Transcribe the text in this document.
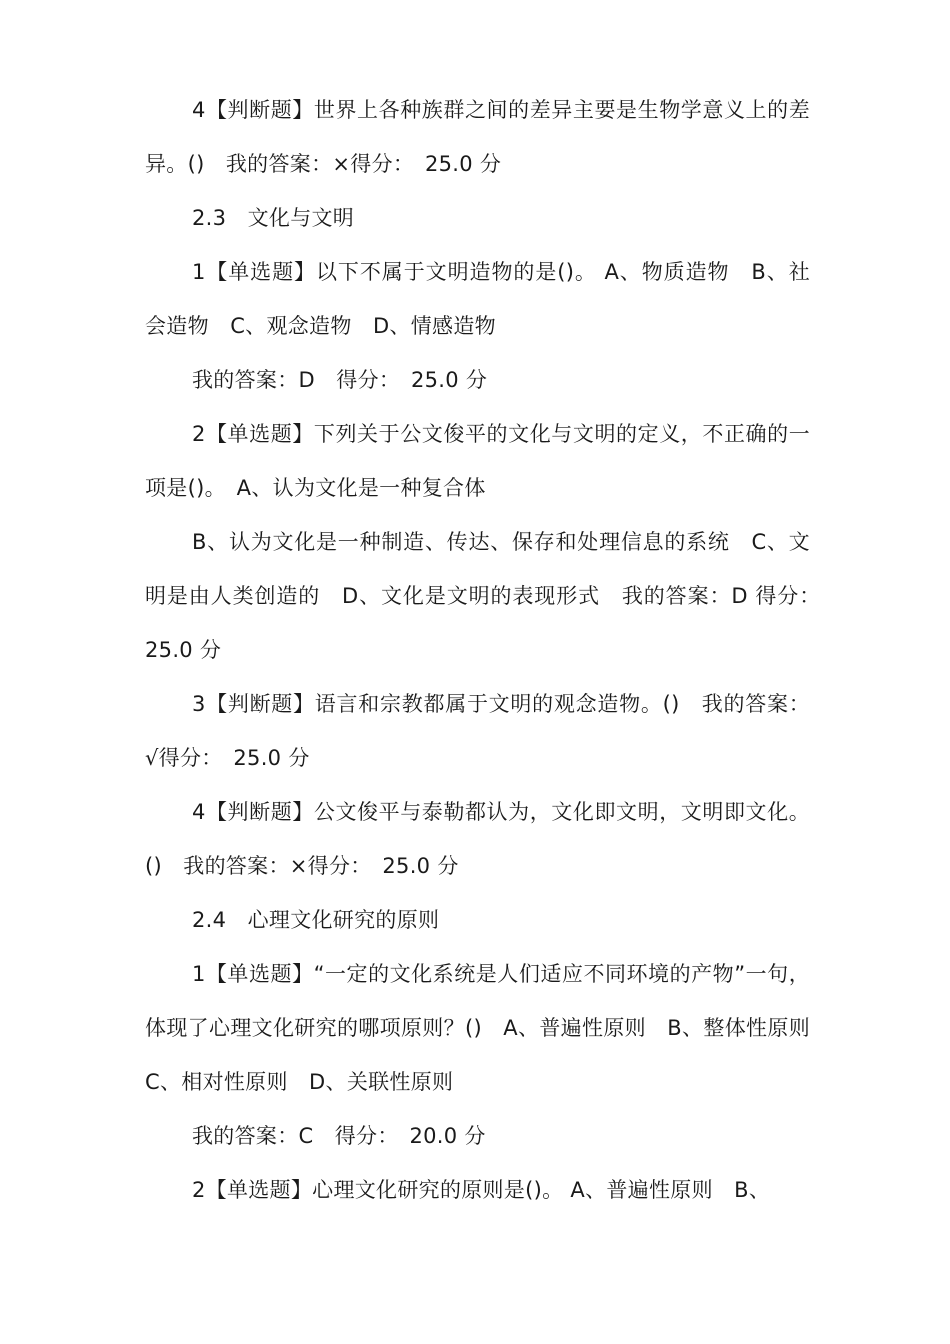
4【判断题】世界上各种族群之间的差异主要是生物学意义上的差异。()　我的答案：×得分：　25.0 分

2.3　文化与文明

1【单选题】以下不属于文明造物的是()。 A、物质造物　B、社会造物　C、观念造物　D、情感造物

我的答案：D　得分：　25.0 分

2【单选题】下列关于公文俊平的文化与文明的定义，不正确的一项是()。　A、认为文化是一种复合体

B、认为文化是一种制造、传达、保存和处理信息的系统　C、文明是由人类创造的　D、文化是文明的表现形式　我的答案：D 得分：　25.0 分

3【判断题】语言和宗教都属于文明的观念造物。()　我的答案：√得分：　25.0 分

4【判断题】公文俊平与泰勒都认为，文化即文明，文明即文化。()　我的答案：×得分：　25.0 分

2.4　心理文化研究的原则

1【单选题】“一定的文化系统是人们适应不同环境的产物”一句，体现了心理文化研究的哪项原则？()　A、普遍性原则　B、整体性原则　C、相对性原则　D、关联性原则

我的答案：C　得分：　20.0 分

2【单选题】心理文化研究的原则是()。 A、普遍性原则　B、
